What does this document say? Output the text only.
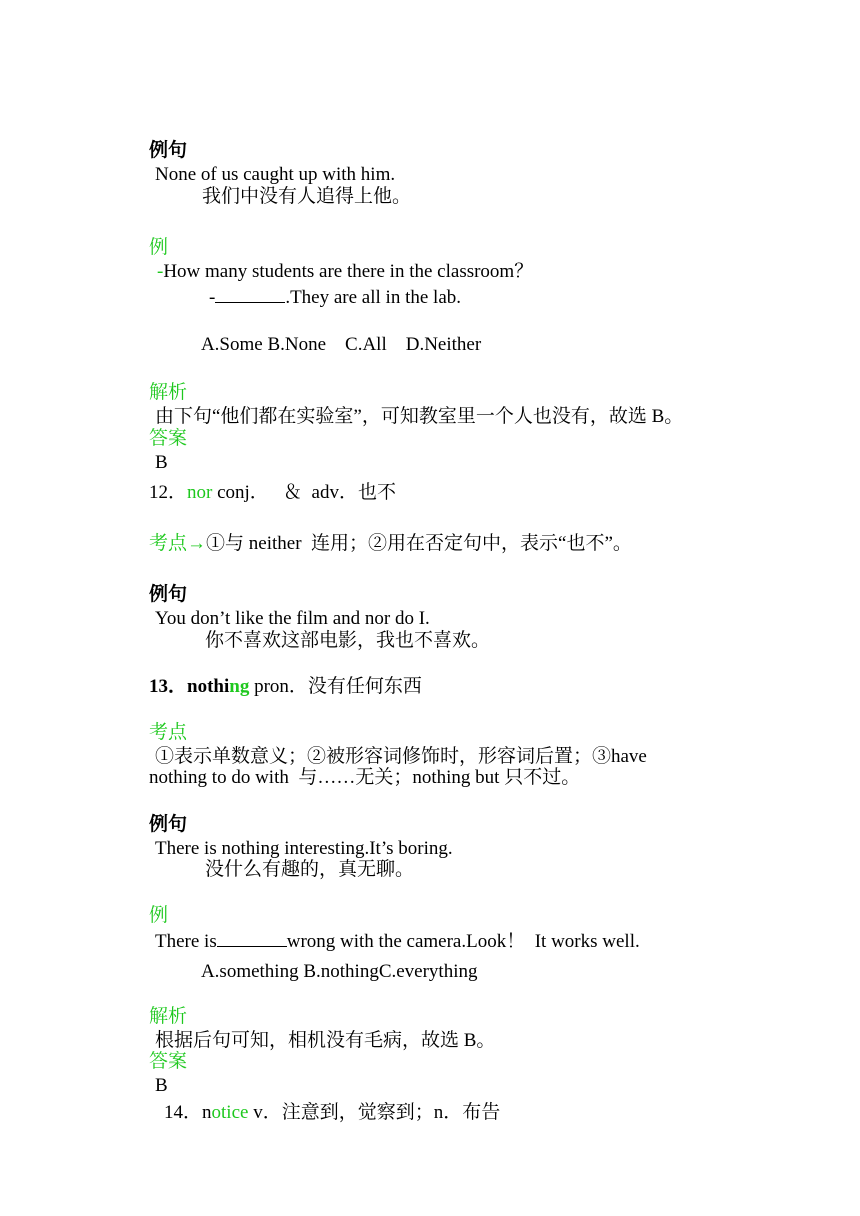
例句
None of us caught up with him.

我们中没有人追得上他。

例
-How many students are there in the classroom？

-	.They are all in the lab.

A.Some B.None    C.All    D.Neither

解析
由下句“他们都在实验室”，可知教室里一个人也没有，故选 B。

答案
B

12．nor conj．   ＆  adv．也不

考点→①与 neither  连用；②用在否定句中，表示“也不”。

例句
You don’t like the film and nor do I.

你不喜欢这部电影，我也不喜欢。

13．nothing pron．没有任何东西

考点
①表示单数意义；②被形容词修饰时，形容词后置；③have

nothing to do with  与……无关；nothing but 只不过。

例句
There is nothing interesting.It’s boring.

没什么有趣的，真无聊。

例
There is	wrong with the camera.Look！  It works well.

A.something B.nothingC.everything

解析
根据后句可知，相机没有毛病，故选 B。

答案
B

14．notice v．注意到，觉察到；n．布告
